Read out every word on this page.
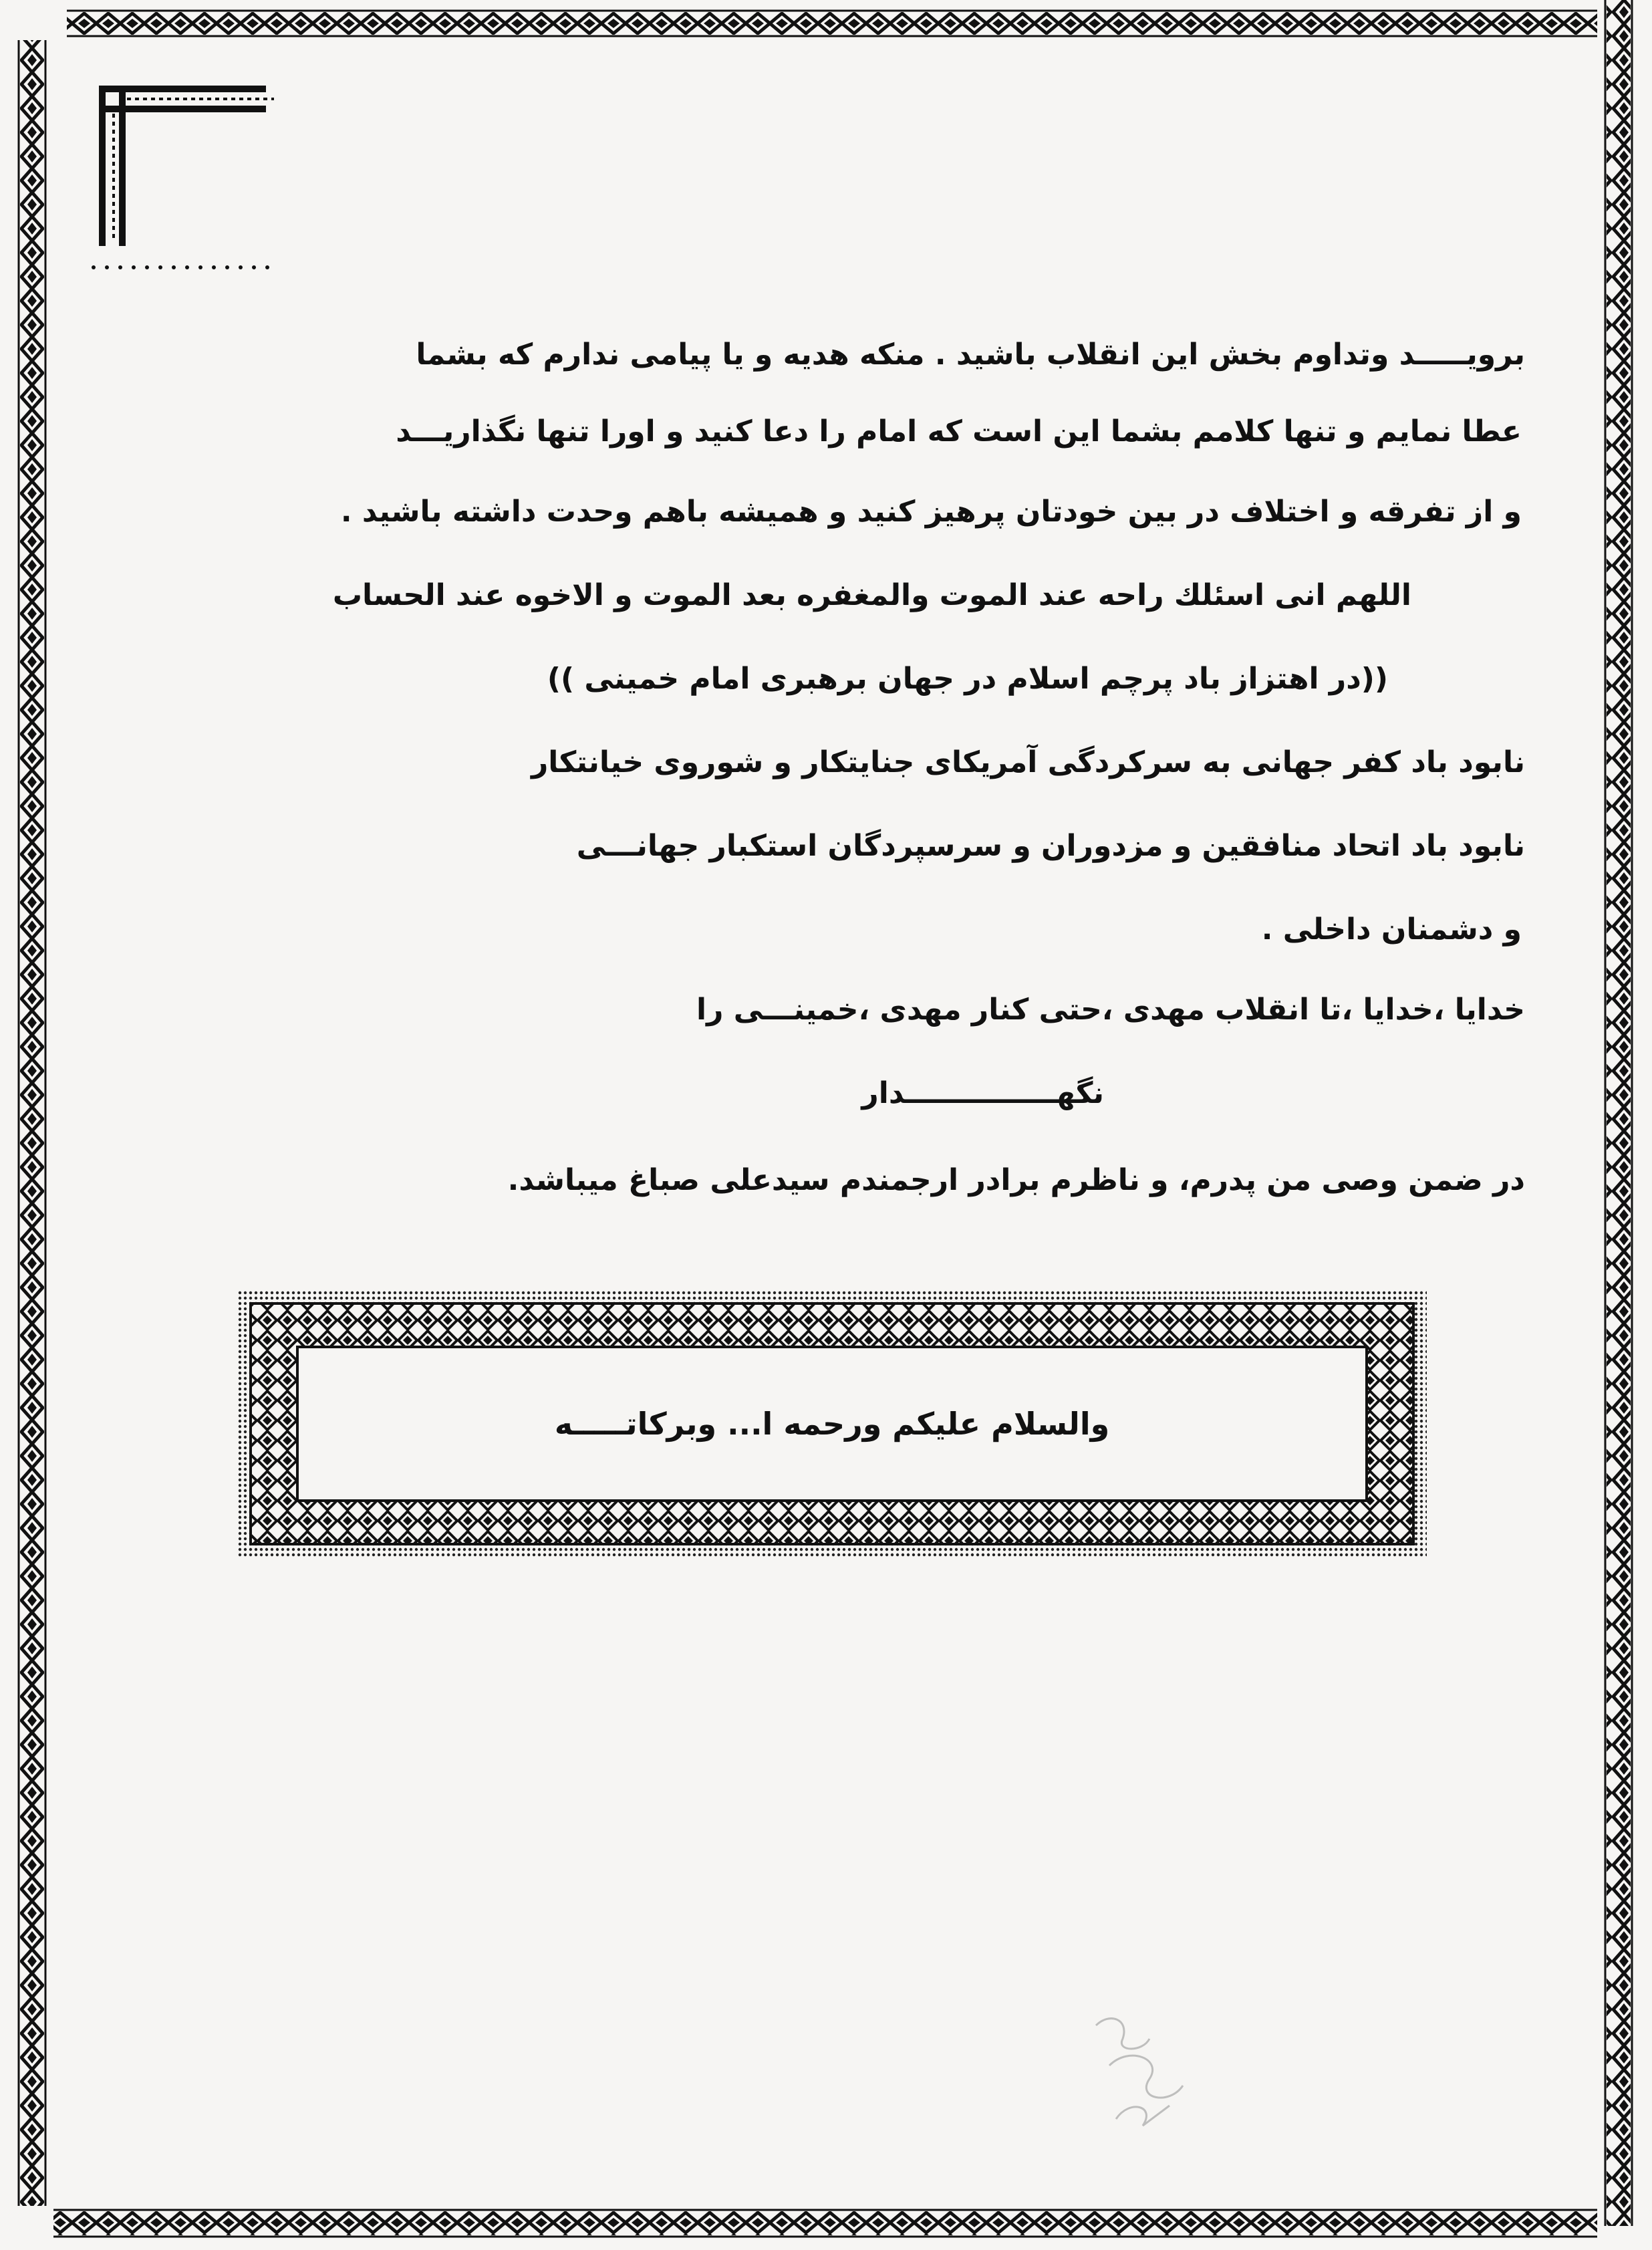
برویـــــد وتداوم بخش این انقلاب باشید . منکه هدیه و یا پیامی ندارم که بشما
عطا نمایم و تنها کلامم بشما این است که امام را دعا کنید و اورا تنها نگذاریـــد
و از تفرقه و اختلاف در بین خودتان پرهیز کنید و همیشه باهم وحدت داشته باشید .
اللهم انی اسئلك راحه عند الموت والمغفره بعد الموت و الاخوه عند الحساب
((در اهتزاز باد پرچم اسلام در جهان برهبری امام خمینی ))
نابود باد کفر جهانی به سرکردگی آمریکای جنایتکار و شوروی خیانتکار
نابود باد اتحاد منافقین و مزدوران و سرسپردگان استکبار جهانـــی
و دشمنان داخلی .
خدایا ،خدایا ،تا انقلاب مهدی ،حتی کنار مهدی ،خمینـــی را
نگهـــــــــــــــدار
در ضمن وصی من پدرم، و ناظرم برادر ارجمندم سیدعلی صباغ میباشد.
والسلام علیکم ورحمه ا... وبرکاتـــــه
